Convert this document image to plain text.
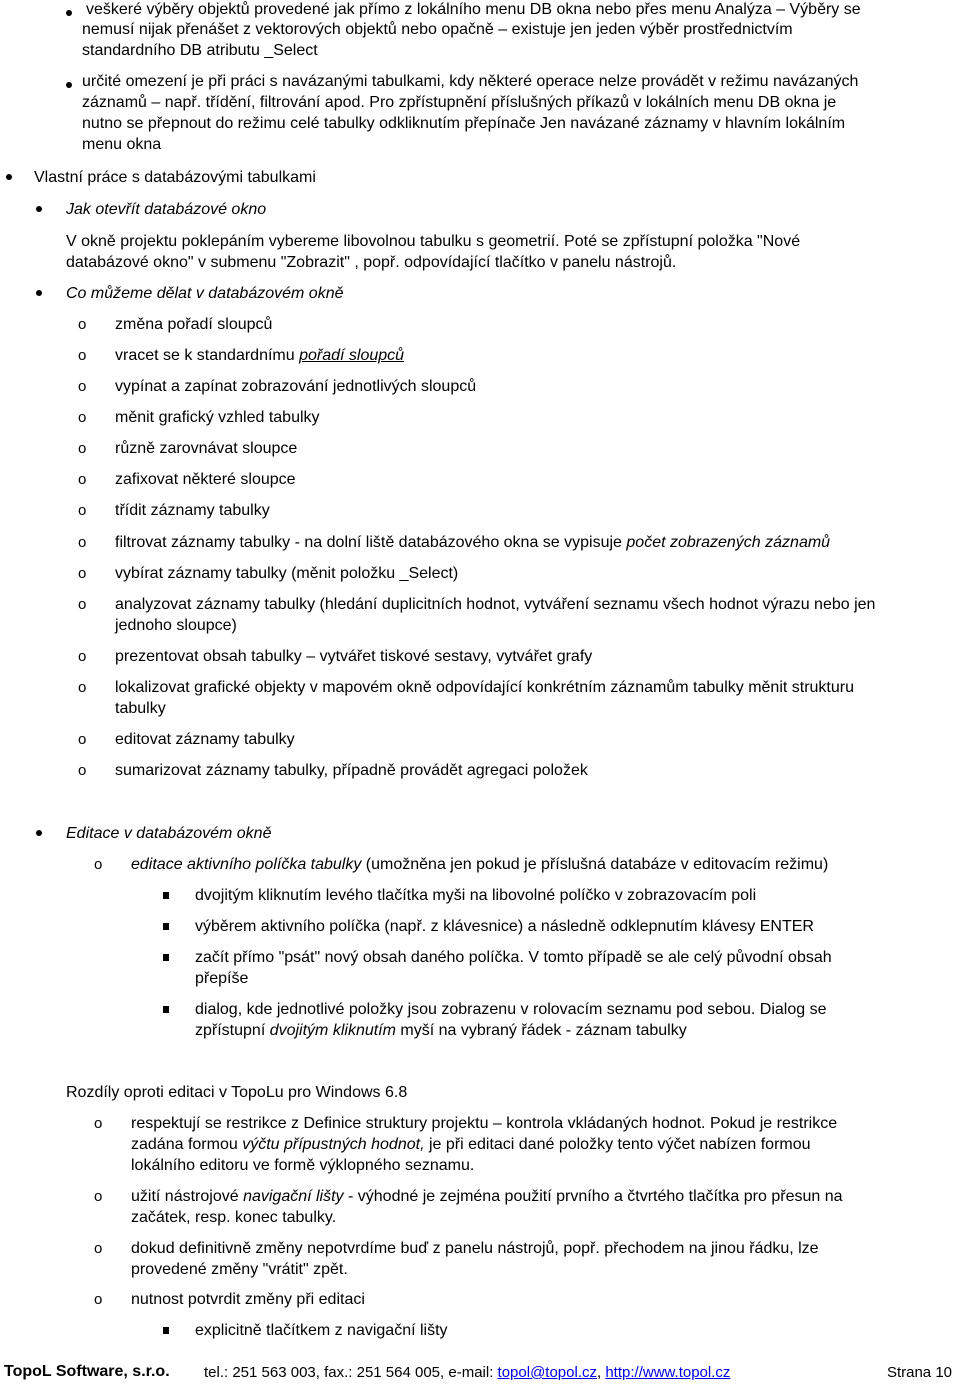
veškeré výběry objektů provedené jak přímo z lokálního menu DB okna nebo přes menu Analýza – Výběry se
nemusí nijak přenášet z vektorových objektů nebo opačně – existuje jen jeden výběr prostřednictvím
standardního DB atributu _Select
určité omezení je při práci s navázanými tabulkami, kdy některé operace nelze provádět v režimu navázaných
záznamů – např. třídění, filtrování apod. Pro zpřístupnění příslušných příkazů v lokálních menu DB okna je
nutno se přepnout do režimu celé tabulky odkliknutím přepínače Jen navázané záznamy v hlavním lokálním
menu okna
Vlastní práce s databázovými tabulkami
Jak otevřít databázové okno
V okně projektu poklepáním vybereme libovolnou tabulku s geometrií. Poté se zpřístupní položka "Nové
databázové okno" v submenu "Zobrazit" , popř. odpovídající tlačítko v panelu nástrojů.
Co můžeme dělat v databázovém okně
o změna pořadí sloupců
o vracet se k standardnímu pořadí sloupců
o vypínat a zapínat zobrazování jednotlivých sloupců
o měnit grafický vzhled tabulky
o různě zarovnávat sloupce
o zafixovat některé sloupce
o třídit záznamy tabulky
o filtrovat záznamy tabulky - na dolní liště databázového okna se vypisuje počet zobrazených záznamů
o vybírat záznamy tabulky (měnit položku _Select)
o analyzovat záznamy tabulky (hledání duplicitních hodnot, vytváření seznamu všech hodnot výrazu nebo jen
jednoho sloupce)
o prezentovat obsah tabulky – vytvářet tiskové sestavy, vytvářet grafy
o lokalizovat grafické objekty v mapovém okně odpovídající konkrétním záznamům tabulky měnit strukturu
tabulky
o editovat záznamy tabulky
o sumarizovat záznamy tabulky, případně provádět agregaci položek
Editace v databázovém okně
o editace aktivního políčka tabulky (umožněna jen pokud je příslušná databáze v editovacím režimu)
dvojitým kliknutím levého tlačítka myši na libovolné políčko v zobrazovacím poli
výběrem aktivního políčka (např. z klávesnice) a následně odklepnutím klávesy ENTER
začít přímo "psát" nový obsah daného políčka. V tomto případě se ale celý původní obsah
přepíše
dialog, kde jednotlivé položky jsou zobrazenu v rolovacím seznamu pod sebou. Dialog se
zpřístupní dvojitým kliknutím myší na vybraný řádek - záznam tabulky
Rozdíly oproti editaci v TopoLu pro Windows 6.8
o respektují se restrikce z Definice struktury projektu – kontrola vkládaných hodnot. Pokud je restrikce
zadána formou výčtu přípustných hodnot, je při editaci dané položky tento výčet nabízen formou
lokálního editoru ve formě výklopného seznamu.
o užití nástrojové navigační lišty - výhodné je zejména použití prvního a čtvrtého tlačítka pro přesun na
začátek, resp. konec tabulky.
o dokud definitivně změny nepotvrdíme buď z panelu nástrojů, popř. přechodem na jinou řádku, lze
provedené změny "vrátit" zpět.
o nutnost potvrdit změny při editaci
explicitně tlačítkem z navigační lišty
TopoL Software, s.r.o. tel.: 251 563 003, fax.: 251 564 005, e-mail: topol@topol.cz, http://www.topol.cz	Strana 10
